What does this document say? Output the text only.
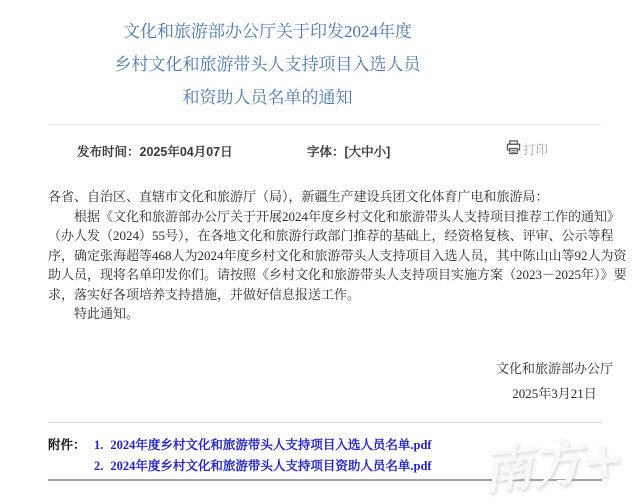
文化和旅游部办公厅关于印发2024年度
乡村文化和旅游带头人支持项目入选人员
和资助人员名单的通知
发布时间：2025年04月07日	字体：[大中小]	打印

各省、自治区、直辖市文化和旅游厅（局），新疆生产建设兵团文化体育广电和旅游局：

根据《文化和旅游部办公厅关于开展2024年度乡村文化和旅游带头人支持项目推荐工作的通知》（办人发（2024）55号），在各地文化和旅游行政部门推荐的基础上，经资格复核、评审、公示等程序，确定张海超等468人为2024年度乡村文化和旅游带头人支持项目入选人员，其中陈山山等92人为资助人员，现将名单印发你们。请按照《乡村文化和旅游带头人支持项目实施方案（2023－2025年）》要求，落实好各项培养支持措施，并做好信息报送工作。

特此通知。

文化和旅游部办公厅
2025年3月21日
附件： 1. 2024年度乡村文化和旅游带头人支持项目入选人员名单.pdf
2. 2024年度乡村文化和旅游带头人支持项目资助人员名单.pdf 南方+
